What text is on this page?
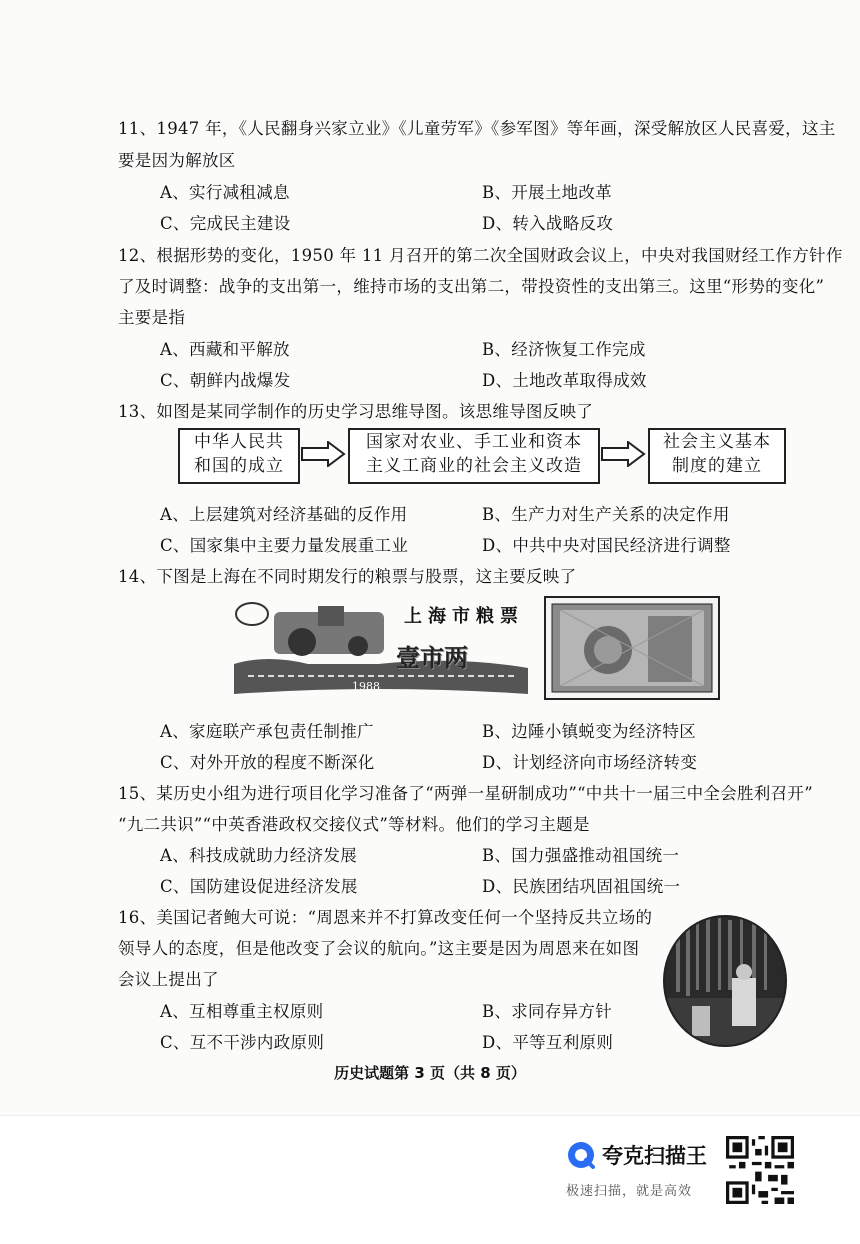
11、1947 年，《人民翻身兴家立业》《儿童劳军》《参军图》等年画，深受解放区人民喜爱，这主
要是因为解放区
A、实行减租减息	B、开展土地改革
C、完成民主建设	D、转入战略反攻
12、根据形势的变化，1950 年 11 月召开的第二次全国财政会议上，中央对我国财经工作方针作
了及时调整：战争的支出第一，维持市场的支出第二，带投资性的支出第三。这里“形势的变化”
主要是指
A、西藏和平解放	B、经济恢复工作完成
C、朝鲜内战爆发	D、土地改革取得成效
13、如图是某同学制作的历史学习思维导图。该思维导图反映了
中华人民共
和国的成立
国家对农业、手工业和资本
主义工商业的社会主义改造
社会主义基本
制度的建立
A、上层建筑对经济基础的反作用	B、生产力对生产关系的决定作用
C、国家集中主要力量发展重工业	D、中共中央对国民经济进行调整
14、下图是上海在不同时期发行的粮票与股票，这主要反映了
上海市粮票
壹市两
1988
A、家庭联产承包责任制推广	B、边陲小镇蜕变为经济特区
C、对外开放的程度不断深化	D、计划经济向市场经济转变
15、某历史小组为进行项目化学习准备了“两弹一星研制成功”“中共十一届三中全会胜利召开”
“九二共识”“中英香港政权交接仪式”等材料。他们的学习主题是
A、科技成就助力经济发展	B、国力强盛推动祖国统一
C、国防建设促进经济发展	D、民族团结巩固祖国统一
16、美国记者鲍大可说：“周恩来并不打算改变任何一个坚持反共立场的
领导人的态度，但是他改变了会议的航向。”这主要是因为周恩来在如图
会议上提出了
A、互相尊重主权原则	B、求同存异方针
C、互不干涉内政原则	D、平等互利原则
历史试题第 3 页（共 8 页）
夸克扫描王
极速扫描，就是高效
